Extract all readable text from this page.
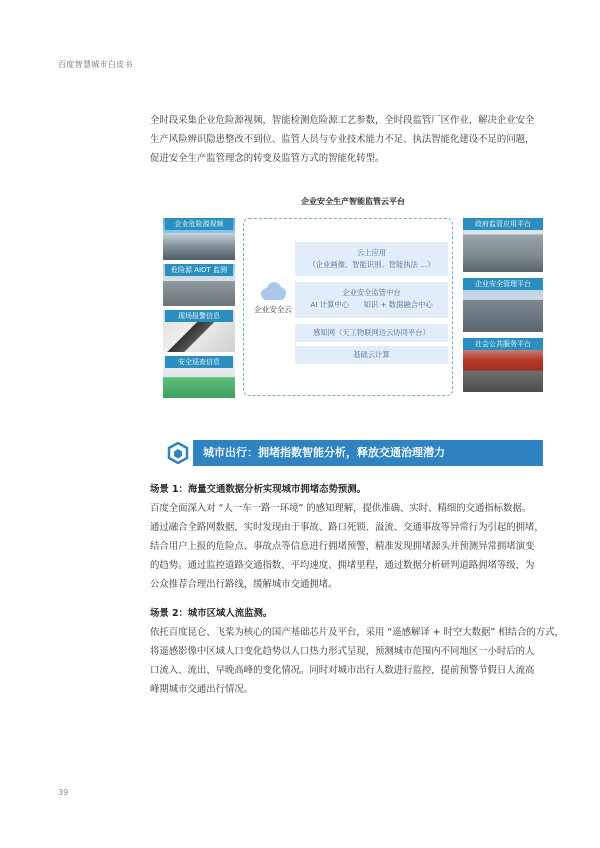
百度智慧城市白皮书

全时段采集企业危险源视频，智能检测危险源工艺参数，全时段监管厂区作业，解决企业安全

生产风险辨识隐患整改不到位、监管人员与专业技术能力不足、执法智能化建设不足的问题，

促进安全生产监管理念的转变及监管方式的智能化转型。

企业安全生产智能监管云平台
企业危险源视频
危险源 AIOT 监测
现场报警信息
安全巡查信息
企业安全云
云上应用
（企业画像、智能识别、智能执法 ...）
企业安全监管中台
AI 计算中心　　知识 + 数据融合中心
感知网（天工物联网边云协同平台）
基础云计算
政府监管应用平台
企业安全管理平台
社会公共服务平台
城市出行：拥堵指数智能分析，释放交通治理潜力
场景 1：海量交通数据分析实现城市拥堵态势预测。

百度全面深入对 “人一车一路一环境” 的感知理解，提供准确、实时、精细的交通指标数据。

通过融合全路网数据，实时发现由于事故、路口死锁、溢流、交通事故等异常行为引起的拥堵，

结合用户上报的危险点、事故点等信息进行拥堵预警，精准发现拥堵源头并预测异常拥堵演变

的趋势。通过监控道路交通指数、平均速度、拥堵里程，通过数据分析研判道路拥堵等级，为

公众推荐合理出行路线，缓解城市交通拥堵。

场景 2：城市区域人流监测。

依托百度昆仑、飞桨为核心的国产基础芯片及平台，采用 “遥感解译 + 时空大数据” 相结合的方式，

将遥感影像中区域人口变化趋势以人口热力形式呈现，预测城市范围内不同地区一小时后的人

口流入、流出、早晚高峰的变化情况。同时对城市出行人数进行监控，提前预警节假日人流高

峰期城市交通出行情况。

39
